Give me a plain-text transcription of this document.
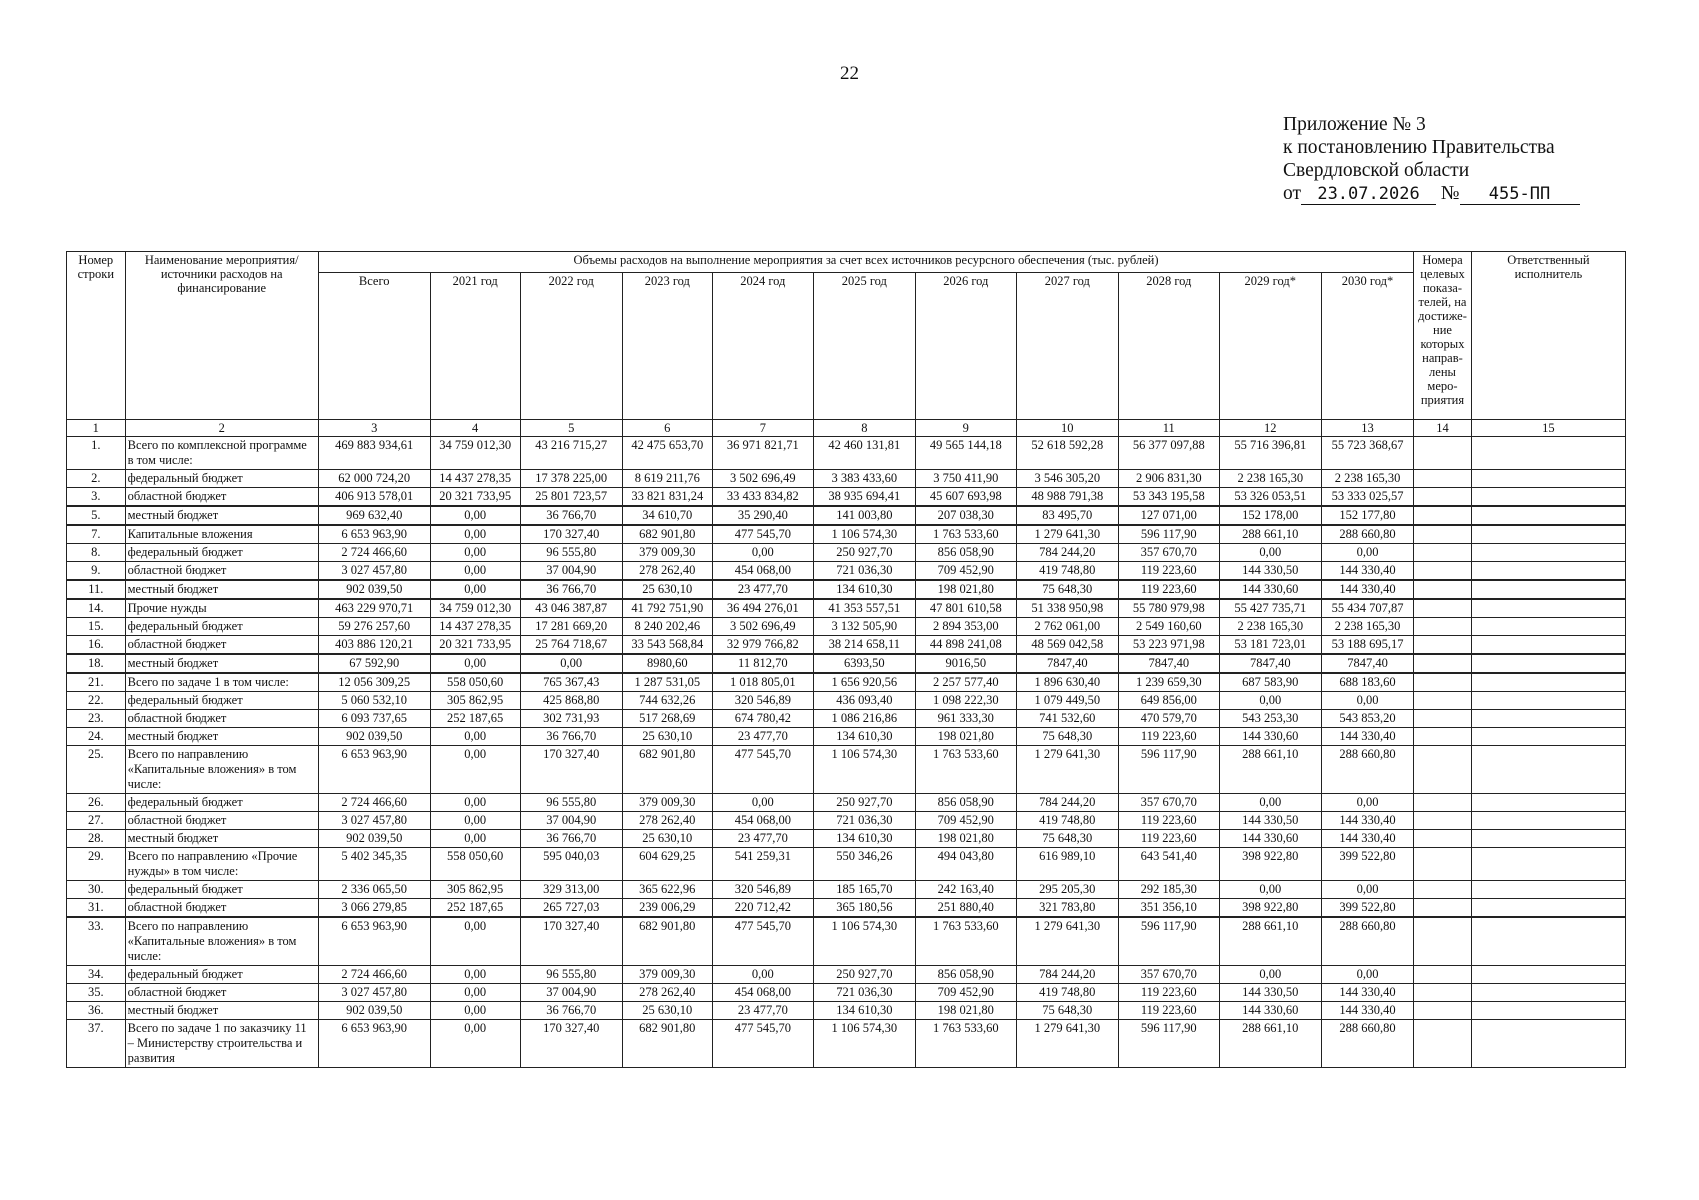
22
Приложение № 3
к постановлению Правительства
Свердловской области
от 23.07.2026 № 455-ПП
Номер строки	Наименование мероприятия/ источники расходов на финансирование	Объемы расходов на выполнение мероприятия за счет всех источников ресурсного обеспечения (тыс. рублей)											Номера целевых показа- телей, на достиже- ние которых направ- лены меро- приятия	Ответственный исполнитель
		Всего	2021 год	2022 год	2023 год	2024 год	2025 год	2026 год	2027 год	2028 год	2029 год*	2030 год*		
1	2	3	4	5	6	7	8	9	10	11	12	13	14	15
1.	Всего по комплексной программе в том числе:	469 883 934,61	34 759 012,30	43 216 715,27	42 475 653,70	36 971 821,71	42 460 131,81	49 565 144,18	52 618 592,28	56 377 097,88	55 716 396,81	55 723 368,67		
2.	федеральный бюджет	62 000 724,20	14 437 278,35	17 378 225,00	8 619 211,76	3 502 696,49	3 383 433,60	3 750 411,90	3 546 305,20	2 906 831,30	2 238 165,30	2 238 165,30		
3.	областной бюджет	406 913 578,01	20 321 733,95	25 801 723,57	33 821 831,24	33 433 834,82	38 935 694,41	45 607 693,98	48 988 791,38	53 343 195,58	53 326 053,51	53 333 025,57		
5.	местный бюджет	969 632,40	0,00	36 766,70	34 610,70	35 290,40	141 003,80	207 038,30	83 495,70	127 071,00	152 178,00	152 177,80		
7.	Капитальные вложения	6 653 963,90	0,00	170 327,40	682 901,80	477 545,70	1 106 574,30	1 763 533,60	1 279 641,30	596 117,90	288 661,10	288 660,80		
8.	федеральный бюджет	2 724 466,60	0,00	96 555,80	379 009,30	0,00	250 927,70	856 058,90	784 244,20	357 670,70	0,00	0,00		
9.	областной бюджет	3 027 457,80	0,00	37 004,90	278 262,40	454 068,00	721 036,30	709 452,90	419 748,80	119 223,60	144 330,50	144 330,40		
11.	местный бюджет	902 039,50	0,00	36 766,70	25 630,10	23 477,70	134 610,30	198 021,80	75 648,30	119 223,60	144 330,60	144 330,40		
14.	Прочие нужды	463 229 970,71	34 759 012,30	43 046 387,87	41 792 751,90	36 494 276,01	41 353 557,51	47 801 610,58	51 338 950,98	55 780 979,98	55 427 735,71	55 434 707,87		
15.	федеральный бюджет	59 276 257,60	14 437 278,35	17 281 669,20	8 240 202,46	3 502 696,49	3 132 505,90	2 894 353,00	2 762 061,00	2 549 160,60	2 238 165,30	2 238 165,30		
16.	областной бюджет	403 886 120,21	20 321 733,95	25 764 718,67	33 543 568,84	32 979 766,82	38 214 658,11	44 898 241,08	48 569 042,58	53 223 971,98	53 181 723,01	53 188 695,17		
18.	местный бюджет	67 592,90	0,00	0,00	8980,60	11 812,70	6393,50	9016,50	7847,40	7847,40	7847,40	7847,40		
21.	Всего по задаче 1 в том числе:	12 056 309,25	558 050,60	765 367,43	1 287 531,05	1 018 805,01	1 656 920,56	2 257 577,40	1 896 630,40	1 239 659,30	687 583,90	688 183,60		
22.	федеральный бюджет	5 060 532,10	305 862,95	425 868,80	744 632,26	320 546,89	436 093,40	1 098 222,30	1 079 449,50	649 856,00	0,00	0,00		
23.	областной бюджет	6 093 737,65	252 187,65	302 731,93	517 268,69	674 780,42	1 086 216,86	961 333,30	741 532,60	470 579,70	543 253,30	543 853,20		
24.	местный бюджет	902 039,50	0,00	36 766,70	25 630,10	23 477,70	134 610,30	198 021,80	75 648,30	119 223,60	144 330,60	144 330,40		
25.	Всего по направлению «Капитальные вложения» в том числе:	6 653 963,90	0,00	170 327,40	682 901,80	477 545,70	1 106 574,30	1 763 533,60	1 279 641,30	596 117,90	288 661,10	288 660,80		
26.	федеральный бюджет	2 724 466,60	0,00	96 555,80	379 009,30	0,00	250 927,70	856 058,90	784 244,20	357 670,70	0,00	0,00		
27.	областной бюджет	3 027 457,80	0,00	37 004,90	278 262,40	454 068,00	721 036,30	709 452,90	419 748,80	119 223,60	144 330,50	144 330,40		
28.	местный бюджет	902 039,50	0,00	36 766,70	25 630,10	23 477,70	134 610,30	198 021,80	75 648,30	119 223,60	144 330,60	144 330,40		
29.	Всего по направлению «Прочие нужды» в том числе:	5 402 345,35	558 050,60	595 040,03	604 629,25	541 259,31	550 346,26	494 043,80	616 989,10	643 541,40	398 922,80	399 522,80		
30.	федеральный бюджет	2 336 065,50	305 862,95	329 313,00	365 622,96	320 546,89	185 165,70	242 163,40	295 205,30	292 185,30	0,00	0,00		
31.	областной бюджет	3 066 279,85	252 187,65	265 727,03	239 006,29	220 712,42	365 180,56	251 880,40	321 783,80	351 356,10	398 922,80	399 522,80		
33.	Всего по направлению «Капитальные вложения» в том числе:	6 653 963,90	0,00	170 327,40	682 901,80	477 545,70	1 106 574,30	1 763 533,60	1 279 641,30	596 117,90	288 661,10	288 660,80		
34.	федеральный бюджет	2 724 466,60	0,00	96 555,80	379 009,30	0,00	250 927,70	856 058,90	784 244,20	357 670,70	0,00	0,00		
35.	областной бюджет	3 027 457,80	0,00	37 004,90	278 262,40	454 068,00	721 036,30	709 452,90	419 748,80	119 223,60	144 330,50	144 330,40		
36.	местный бюджет	902 039,50	0,00	36 766,70	25 630,10	23 477,70	134 610,30	198 021,80	75 648,30	119 223,60	144 330,60	144 330,40		
37.	Всего по задаче 1 по заказчику 11 – Министерству строительства и развития	6 653 963,90	0,00	170 327,40	682 901,80	477 545,70	1 106 574,30	1 763 533,60	1 279 641,30	596 117,90	288 661,10	288 660,80		
